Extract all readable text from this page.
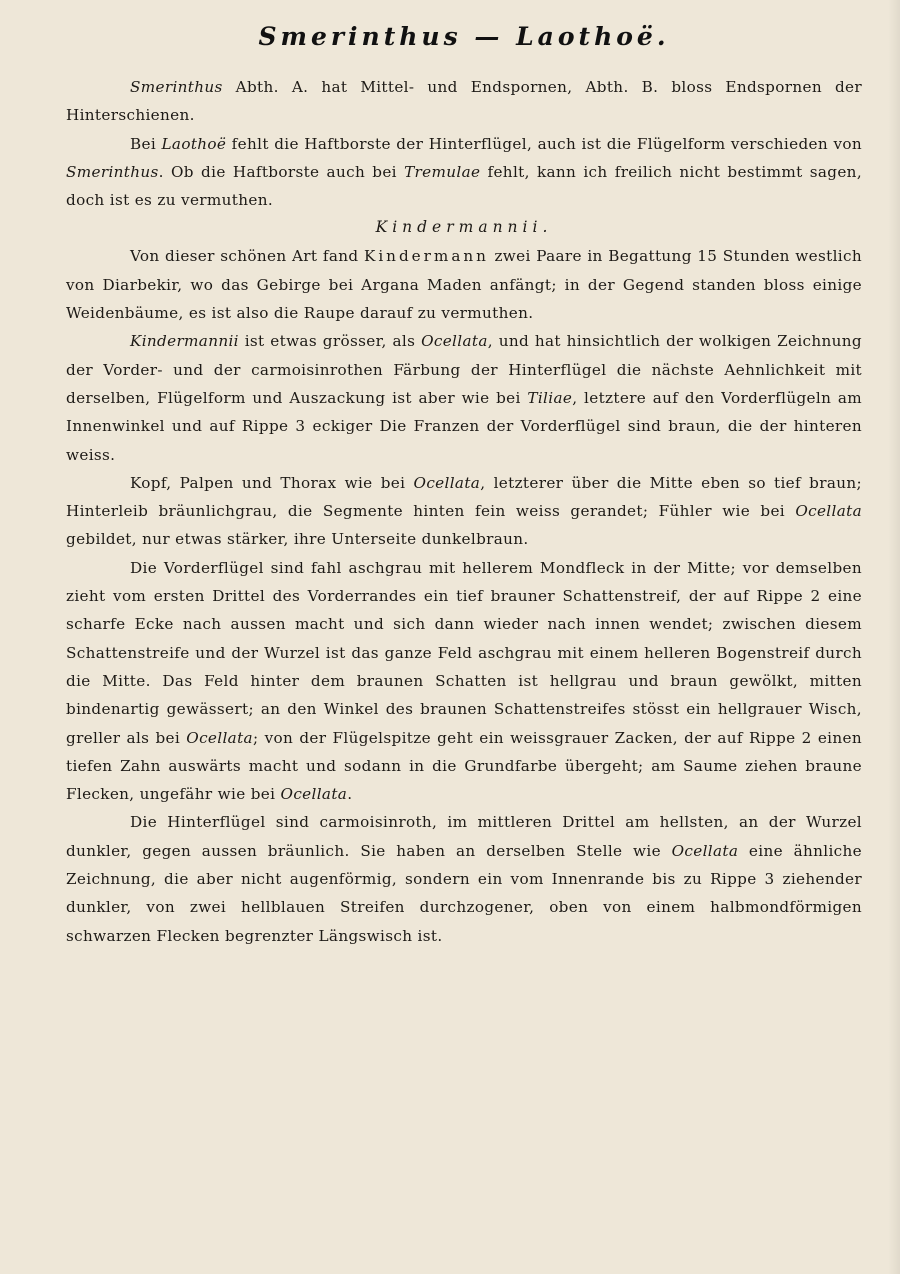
Smerinthus — Laothoë.

Smerinthus Abth. A. hat Mittel- und Endspornen, Abth. B. bloss Endspornen der Hinterschienen.

Bei Laothoë fehlt die Haftborste der Hinterflügel, auch ist die Flügelform verschieden von Smerinthus. Ob die Haftborste auch bei Tremulae fehlt, kann ich freilich nicht bestimmt sagen, doch ist es zu vermuthen.

Kindermannii.

Von dieser schönen Art fand Kindermann zwei Paare in Begattung 15 Stunden westlich von Diarbekir, wo das Gebirge bei Argana Maden anfängt; in der Gegend standen bloss einige Weidenbäume, es ist also die Raupe darauf zu vermuthen.

Kindermannii ist etwas grösser, als Ocellata, und hat hinsichtlich der wolkigen Zeichnung der Vorder- und der carmoisinrothen Färbung der Hinterflügel die nächste Aehnlichkeit mit derselben, Flügelform und Auszackung ist aber wie bei Tiliae, letztere auf den Vorderflügeln am Innenwinkel und auf Rippe 3 eckiger Die Franzen der Vorderflügel sind braun, die der hinteren weiss.

Kopf, Palpen und Thorax wie bei Ocellata, letzterer über die Mitte eben so tief braun; Hinterleib bräunlichgrau, die Segmente hinten fein weiss gerandet; Fühler wie bei Ocellata gebildet, nur etwas stärker, ihre Unterseite dunkelbraun.

Die Vorderflügel sind fahl aschgrau mit hellerem Mondfleck in der Mitte; vor demselben zieht vom ersten Drittel des Vorderrandes ein tief brauner Schattenstreif, der auf Rippe 2 eine scharfe Ecke nach aussen macht und sich dann wieder nach innen wendet; zwischen diesem Schattenstreife und der Wurzel ist das ganze Feld aschgrau mit einem helleren Bogenstreif durch die Mitte. Das Feld hinter dem braunen Schatten ist hellgrau und braun gewölkt, mitten bindenartig gewässert; an den Winkel des braunen Schattenstreifes stösst ein hellgrauer Wisch, greller als bei Ocellata; von der Flügelspitze geht ein weissgrauer Zacken, der auf Rippe 2 einen tiefen Zahn auswärts macht und sodann in die Grundfarbe übergeht; am Saume ziehen braune Flecken, ungefähr wie bei Ocellata.

Die Hinterflügel sind carmoisinroth, im mittleren Drittel am hellsten, an der Wurzel dunkler, gegen aussen bräunlich. Sie haben an derselben Stelle wie Ocellata eine ähnliche Zeichnung, die aber nicht augenförmig, sondern ein vom Innenrande bis zu Rippe 3 ziehender dunkler, von zwei hellblauen Streifen durchzogener, oben von einem halbmondförmigen schwarzen Flecken begrenzter Längswisch ist.
